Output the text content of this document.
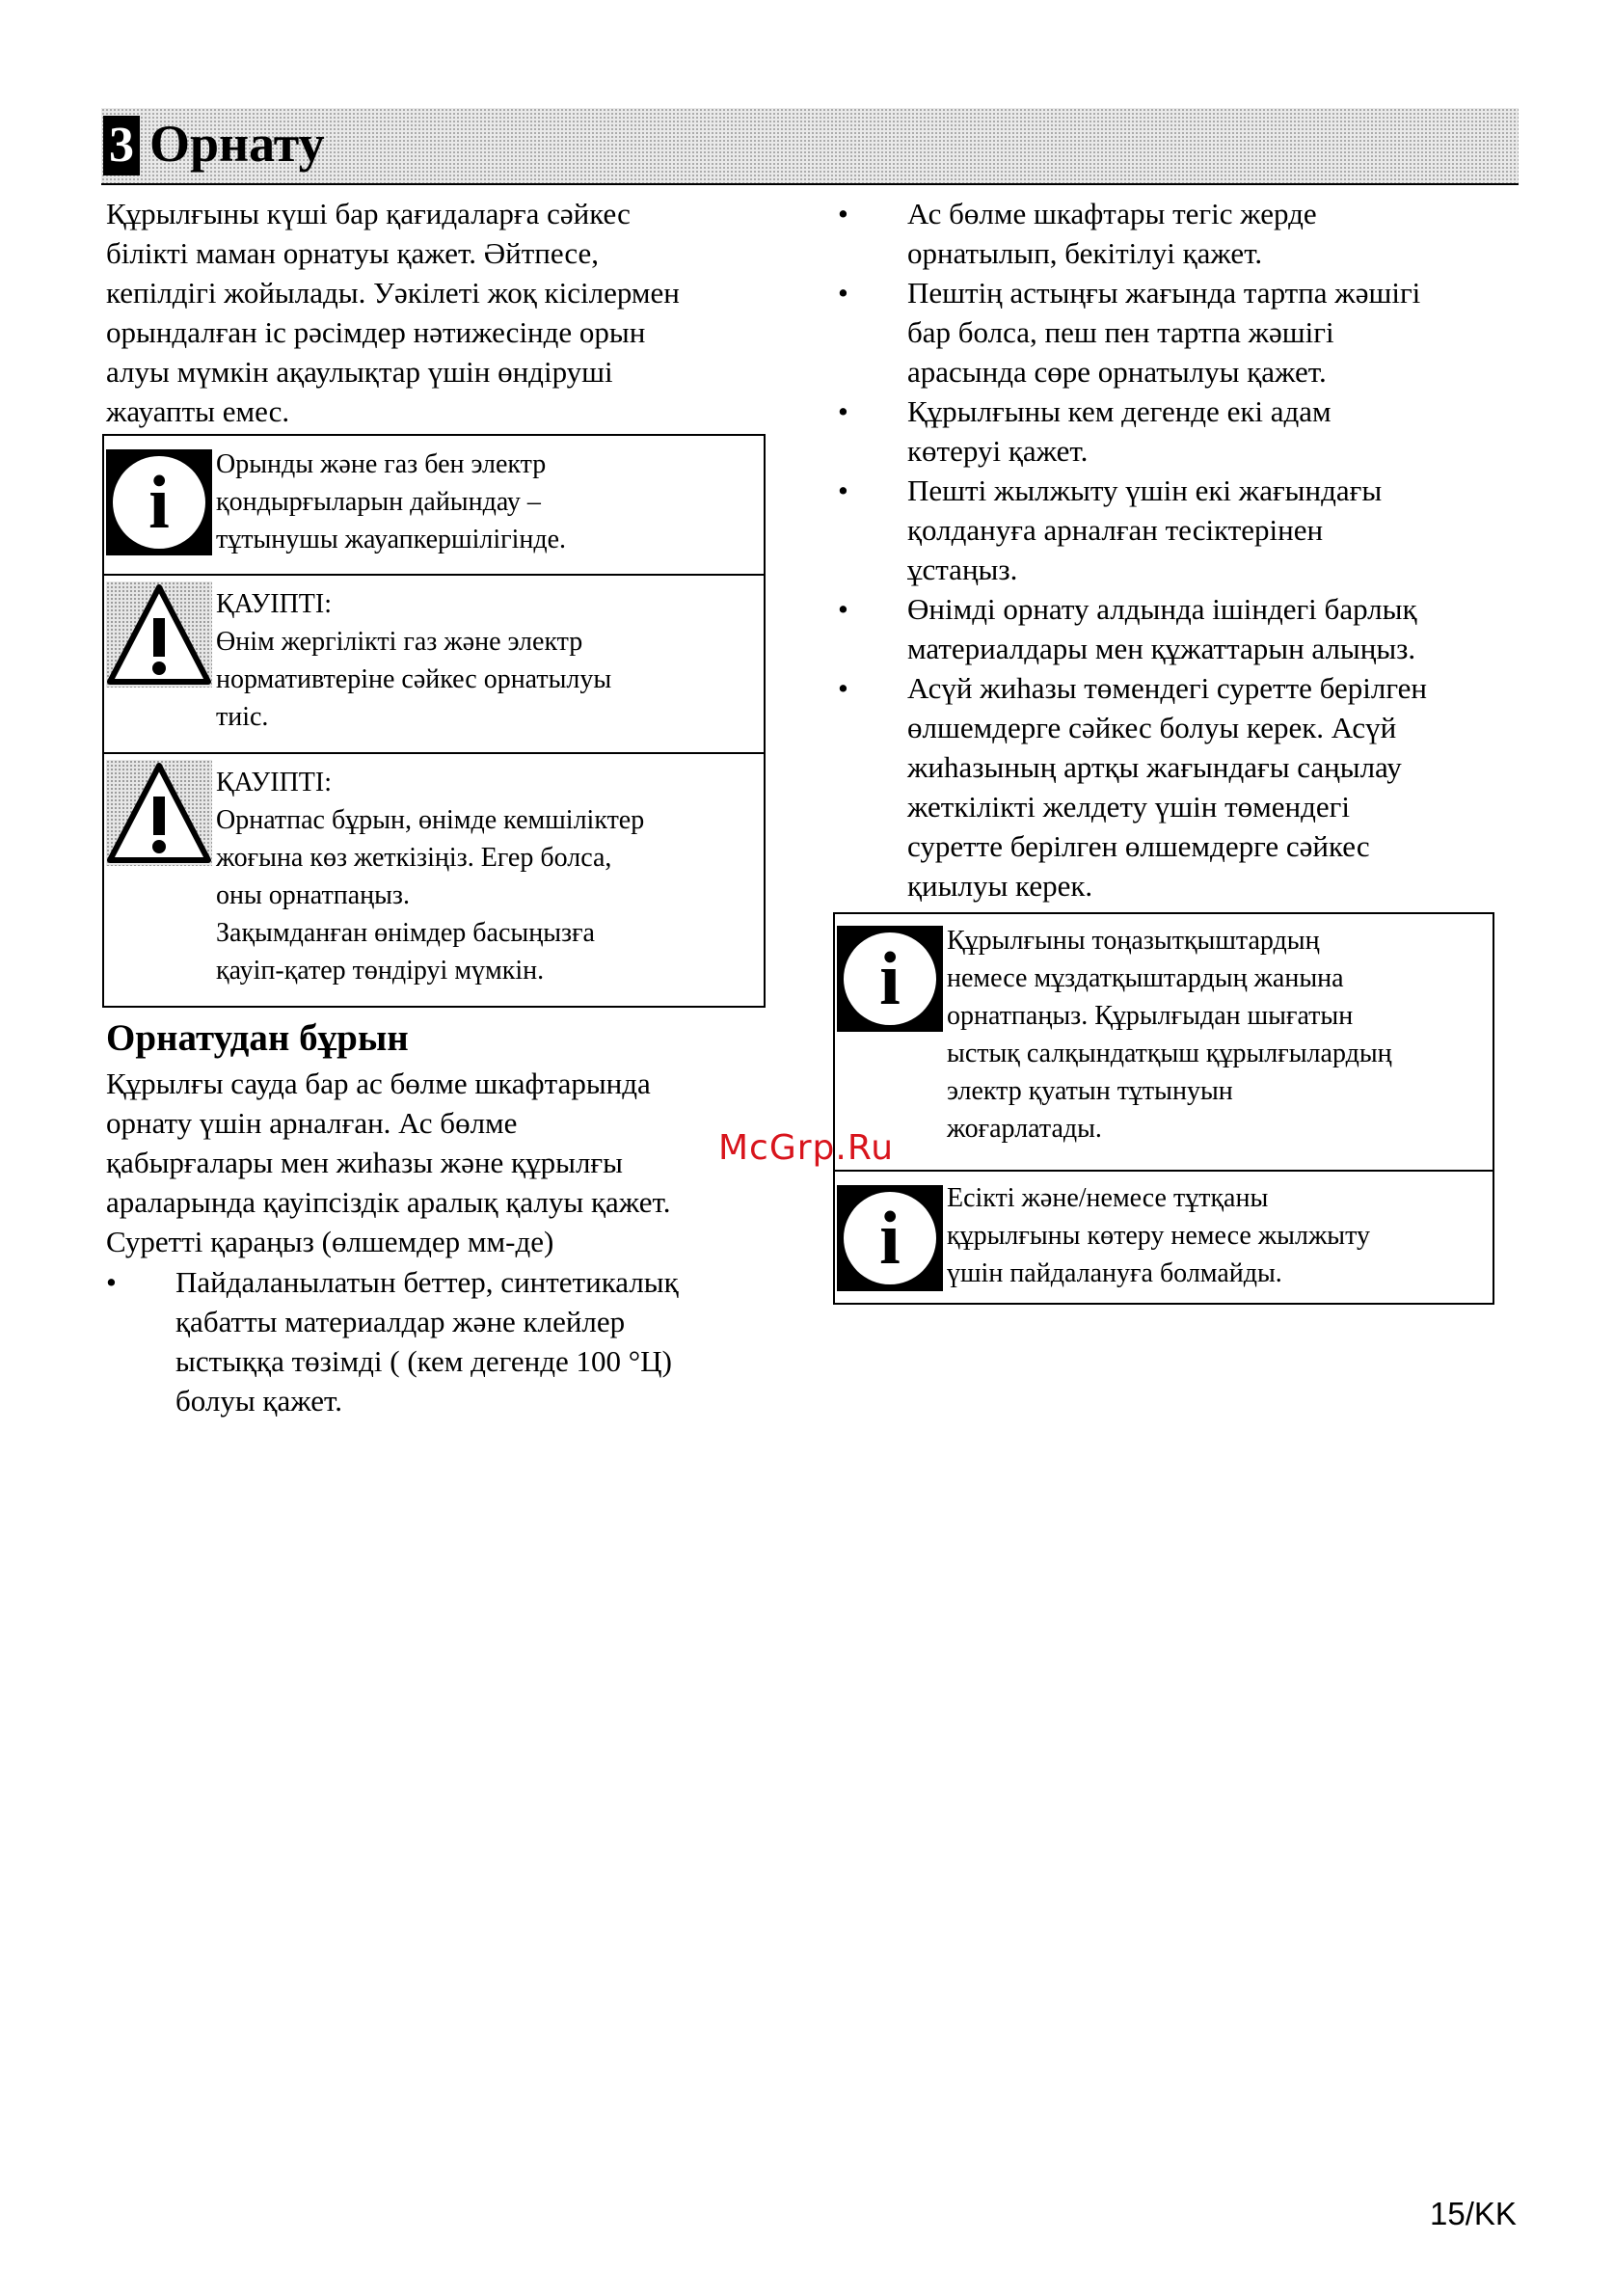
3 Орнату
Құрылғыны күші бар қағидаларға сәйкес
білікті маман орнатуы қажет. Әйтпесе,
кепілдігі жойылады. Уәкілеті жоқ кісілермен
орындалған іс рәсімдер нәтижесінде орын
алуы мүмкін ақаулықтар үшін өндіруші
жауапты емес.
i	Орынды және газ бен электр
қондырғыларын дайындау –
тұтынушы жауапкершілігінде.
ҚАУІПТІ:
Өнім жергілікті газ және электр
нормативтеріне сәйкес орнатылуы
тиіс.
ҚАУІПТІ:
Орнатпас бұрын, өнімде кемшіліктер
жоғына көз жеткізіңіз. Егер болса,
оны орнатпаңыз.
Зақымданған өнімдер басыңызға
қауіп-қатер төндіруі мүмкін.
Орнатудан бұрын
Құрылғы сауда бар ас бөлме шкафтарында
орнату үшін арналған. Ас бөлме
қабырғалары мен жиһазы және құрылғы
араларында қауіпсіздік аралық қалуы қажет.
Суретті қараңыз (өлшемдер мм-де)
• Пайдаланылатын беттер, синтетикалық
қабатты материалдар және клейлер
ыстыққа төзімді ( (кем дегенде 100 °Ц)
болуы қажет.
• Ас бөлме шкафтары тегіс жерде
орнатылып, бекітілуі қажет.
• Пештің астыңғы жағында тартпа жәшігі
бар болса, пеш пен тартпа жәшігі
арасында сөре орнатылуы қажет.
• Құрылғыны кем дегенде екі адам
көтеруі қажет.
• Пешті жылжыту үшін екі жағындағы
қолдануға арналған тесіктерінен
ұстаңыз.
• Өнімді орнату алдында ішіндегі барлық
материалдары мен құжаттарын алыңыз.
• Асүй жиһазы төмендегі суретте берілген
өлшемдерге сәйкес болуы керек. Асүй
жиһазының артқы жағындағы саңылау
жеткілікті желдету үшін төмендегі
суретте берілген өлшемдерге сәйкес
қиылуы керек.
i	Құрылғыны тоңазытқыштардың
немесе мұздатқыштардың жанына
орнатпаңыз. Құрылғыдан шығатын
ыстық салқындатқыш құрылғылардың
электр қуатын тұтынуын
жоғарлатады.
i	Есікті және/немесе тұтқаны
құрылғыны көтеру немесе жылжыту
үшін пайдалануға болмайды.
McGrp.Ru
15/KK
